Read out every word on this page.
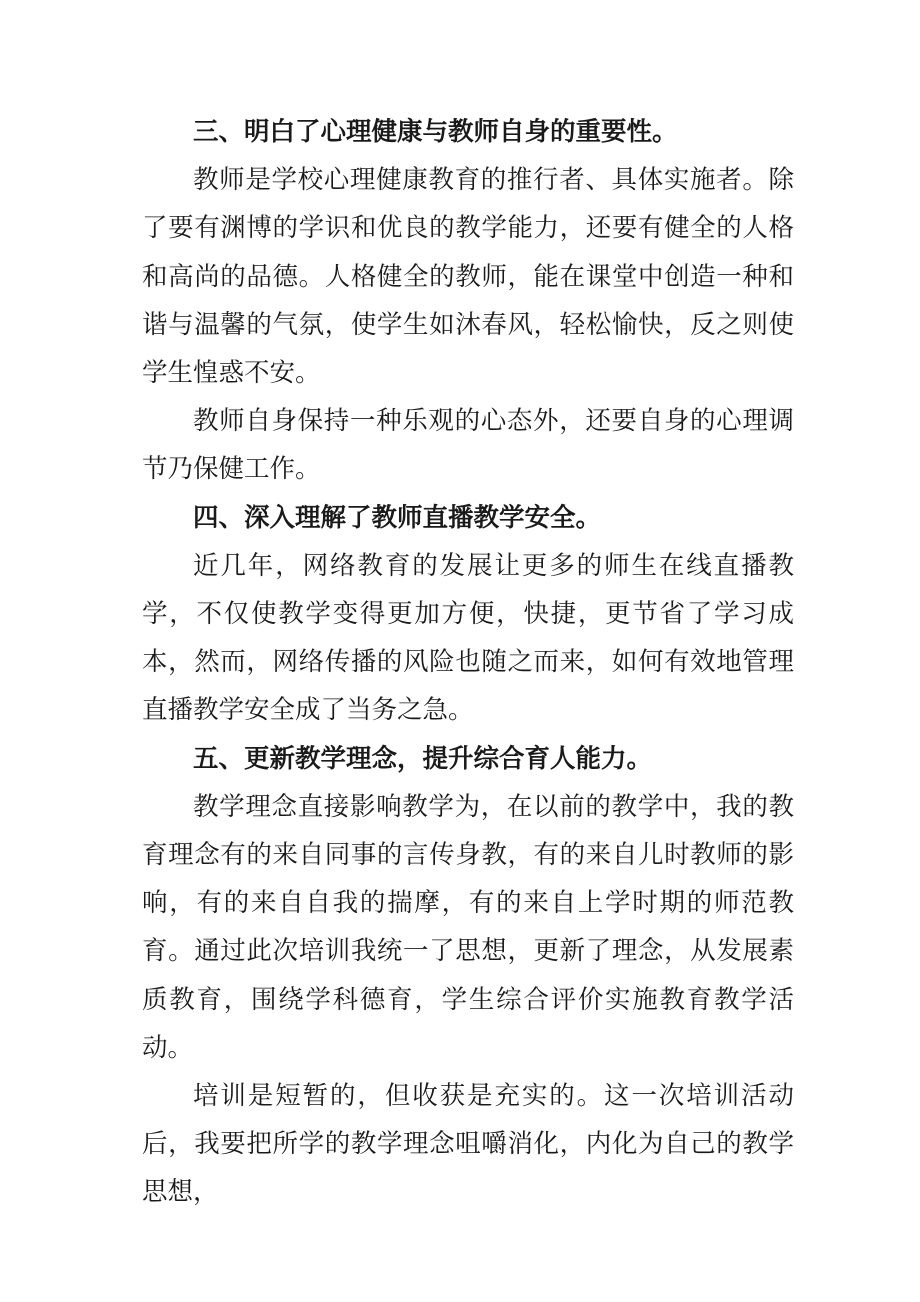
三、明白了心理健康与教师自身的重要性。

教师是学校心理健康教育的推行者、具体实施者。除了要有渊博的学识和优良的教学能力，还要有健全的人格和高尚的品德。人格健全的教师，能在课堂中创造一种和谐与温馨的气氛，使学生如沐春风，轻松愉快，反之则使学生惶惑不安。

教师自身保持一种乐观的心态外，还要自身的心理调节乃保健工作。

四、深入理解了教师直播教学安全。

近几年，网络教育的发展让更多的师生在线直播教学，不仅使教学变得更加方便，快捷，更节省了学习成本，然而，网络传播的风险也随之而来，如何有效地管理直播教学安全成了当务之急。

五、更新教学理念，提升综合育人能力。

教学理念直接影响教学为，在以前的教学中，我的教育理念有的来自同事的言传身教，有的来自儿时教师的影响，有的来自自我的揣摩，有的来自上学时期的师范教育。通过此次培训我统一了思想，更新了理念，从发展素质教育，围绕学科德育，学生综合评价实施教育教学活动。

培训是短暂的，但收获是充实的。这一次培训活动后，我要把所学的教学理念咀嚼消化，内化为自己的教学思想，
